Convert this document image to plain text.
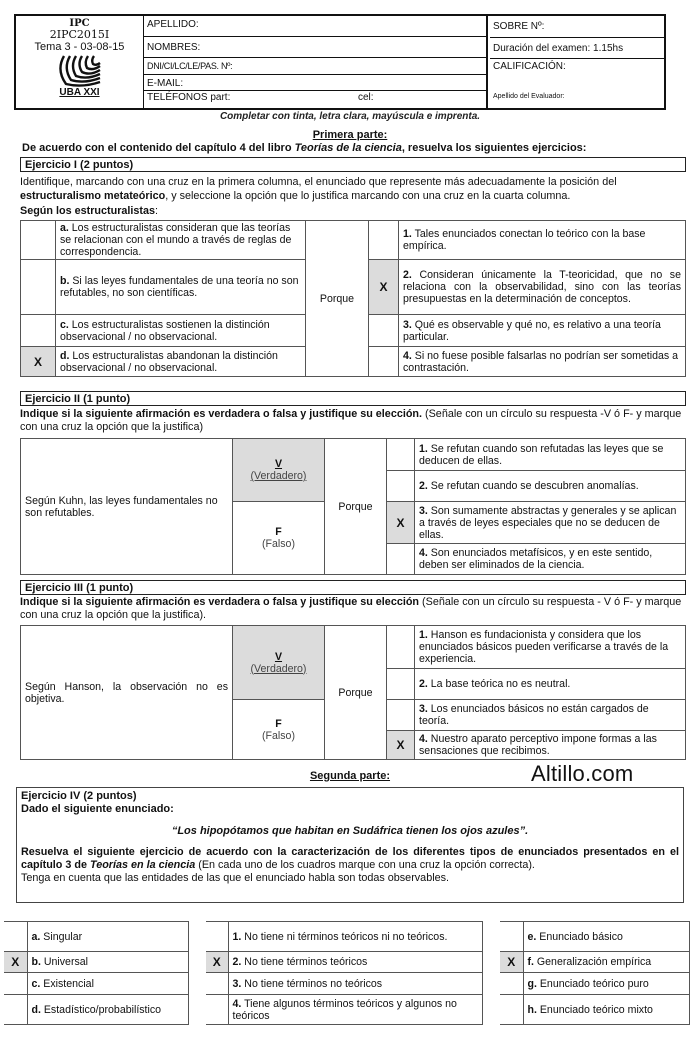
IPC
2IPC2015I
Tema 3 - 03-08-15
UBA XXI
APELLIDO:
NOMBRES:
DNI/CI/LC/LE/PAS. Nº:
E-MAIL:
TELÉFONOS part:	cel:
SOBRE Nº:
Duración del examen: 1.15hs
CALIFICACIÓN:
Apellido del Evaluador:
Completar con tinta, letra clara, mayúscula e imprenta.
Primera parte:
De acuerdo con el contenido del capítulo 4 del libro Teorías de la ciencia, resuelva los siguientes ejercicios:
Ejercicio I (2 puntos)
Identifique, marcando con una cruz en la primera columna, el enunciado que represente más adecuadamente la posición del estructuralismo metateórico, y seleccione la opción que lo justifica marcando con una cruz en la cuarta columna.
Según los estructuralistas:
	a. Los estructuralistas consideran que las teorías se relacionan con el mundo a través de reglas de correspondencia.	Porque		1. Tales enunciados conectan lo teórico con la base empírica.
	b. Si las leyes fundamentales de una teoría no son refutables, no son científicas.		X	2. Consideran únicamente la T-teoricidad, que no se relaciona con la observabilidad, sino con las teorías presupuestas en la determinación de conceptos.
	c. Los estructuralistas sostienen la distinción observacional / no observacional.			3. Qué es observable y qué no, es relativo a una teoría particular.
X	d. Los estructuralistas abandonan la distinción observacional / no observacional.			4. Si no fuese posible falsarlas no podrían ser sometidas a contrastación.
Ejercicio II (1 punto)
Indique si la siguiente afirmación es verdadera o falsa y justifique su elección. (Señale con un círculo su respuesta -V ó F- y marque con una cruz la opción que la justifica)
Según Kuhn, las leyes fundamentales no son refutables.	V
(Verdadero)	Porque		1. Se refutan cuando son refutadas las leyes que se deducen de ellas.
				2. Se refutan cuando se descubren anomalías.

	F
(Falso)		X	3. Son sumamente abstractas y generales y se aplican a través de leyes especiales que no se deducen de ellas.
				4. Son enunciados metafísicos, y en este sentido, deben ser eliminados de la ciencia.
Ejercicio III (1 punto)
Indique si la siguiente afirmación es verdadera o falsa y justifique su elección (Señale con un círculo su respuesta - V ó F- y marque con una cruz la opción que la justifica).
Según Hanson, la observación no es objetiva.	V
(Verdadero)	Porque		1. Hanson es fundacionista y considera que los enunciados básicos pueden verificarse a través de la experiencia.
				2. La base teórica no es neutral.

	F
(Falso)			3. Los enunciados básicos no están cargados de teoría.
			X	4. Nuestro aparato perceptivo impone formas a las sensaciones que recibimos.
Segunda parte:	Altillo.com
Ejercicio IV (2 puntos)
Dado el siguiente enunciado:
“Los hipopótamos que habitan en Sudáfrica tienen los ojos azules”.
Resuelva el siguiente ejercicio de acuerdo con la caracterización de los diferentes tipos de enunciados presentados en el capítulo 3 de Teorías en la ciencia (En cada uno de los cuadros marque con una cruz la opción correcta).
Tenga en cuenta que las entidades de las que el enunciado habla son todas observables.
	a. Singular
X	b. Universal
	c. Existencial
	d. Estadístico/probabilístico
	1. No tiene ni términos teóricos ni no teóricos.
X	2. No tiene términos teóricos
	3. No tiene términos no teóricos
	4. Tiene algunos términos teóricos y algunos no teóricos
	e. Enunciado básico
X	f. Generalización empírica
	g. Enunciado teórico puro
	h. Enunciado teórico mixto
